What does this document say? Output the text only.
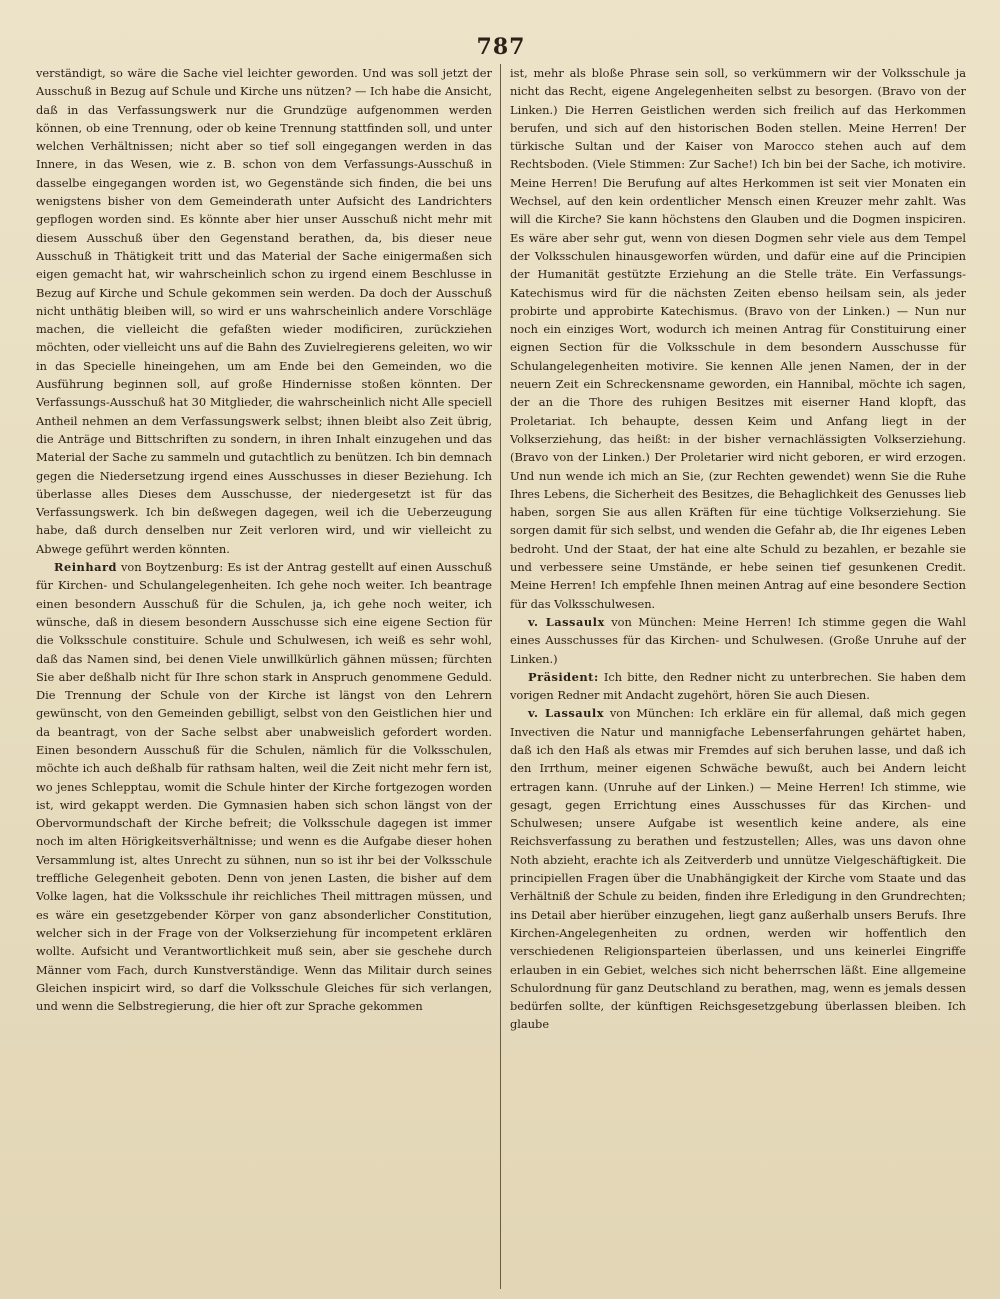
787

verständigt, so wäre die Sache viel leichter geworden. Und was soll jetzt der Ausschuß in Bezug auf Schule und Kirche uns nützen? — Ich habe die Ansicht, daß in das Verfassungswerk nur die Grundzüge aufgenommen werden können, ob eine Trennung, oder ob keine Trennung stattfinden soll, und unter welchen Verhältnissen; nicht aber so tief soll eingegangen werden in das Innere, in das Wesen, wie z. B. schon von dem Verfassungs-Ausschuß in dasselbe eingegangen worden ist, wo Gegenstände sich finden, die bei uns wenigstens bisher von dem Gemeinderath unter Aufsicht des Landrichters gepflogen worden sind. Es könnte aber hier unser Ausschuß nicht mehr mit diesem Ausschuß über den Gegenstand berathen, da, bis dieser neue Ausschuß in Thätigkeit tritt und das Material der Sache einigermaßen sich eigen gemacht hat, wir wahrscheinlich schon zu irgend einem Beschlusse in Bezug auf Kirche und Schule gekommen sein werden. Da doch der Ausschuß nicht unthätig bleiben will, so wird er uns wahrscheinlich andere Vorschläge machen, die vielleicht die gefaßten wieder modificiren, zurückziehen möchten, oder vielleicht uns auf die Bahn des Zuvielregierens geleiten, wo wir in das Specielle hineingehen, um am Ende bei den Gemeinden, wo die Ausführung beginnen soll, auf große Hindernisse stoßen könnten. Der Verfassungs-Ausschuß hat 30 Mitglieder, die wahrscheinlich nicht Alle speciell Antheil nehmen an dem Verfassungswerk selbst; ihnen bleibt also Zeit übrig, die Anträge und Bittschriften zu sondern, in ihren Inhalt einzugehen und das Material der Sache zu sammeln und gutachtlich zu benützen. Ich bin demnach gegen die Niedersetzung irgend eines Ausschusses in dieser Beziehung. Ich überlasse alles Dieses dem Ausschusse, der niedergesetzt ist für das Verfassungswerk. Ich bin deßwegen dagegen, weil ich die Ueberzeugung habe, daß durch denselben nur Zeit verloren wird, und wir vielleicht zu Abwege geführt werden könnten.

Reinhard von Boytzenburg: Es ist der Antrag gestellt auf einen Ausschuß für Kirchen- und Schulangelegenheiten. Ich gehe noch weiter. Ich beantrage einen besondern Ausschuß für die Schulen, ja, ich gehe noch weiter, ich wünsche, daß in diesem besondern Ausschusse sich eine eigene Section für die Volksschule constituire. Schule und Schulwesen, ich weiß es sehr wohl, daß das Namen sind, bei denen Viele unwillkürlich gähnen müssen; fürchten Sie aber deßhalb nicht für Ihre schon stark in Anspruch genommene Geduld. Die Trennung der Schule von der Kirche ist längst von den Lehrern gewünscht, von den Gemeinden gebilligt, selbst von den Geistlichen hier und da beantragt, von der Sache selbst aber unabweislich gefordert worden. Einen besondern Ausschuß für die Schulen, nämlich für die Volksschulen, möchte ich auch deßhalb für rathsam halten, weil die Zeit nicht mehr fern ist, wo jenes Schlepptau, womit die Schule hinter der Kirche fortgezogen worden ist, wird gekappt werden. Die Gymnasien haben sich schon längst von der Obervormundschaft der Kirche befreit; die Volksschule dagegen ist immer noch im alten Hörigkeitsverhältnisse; und wenn es die Aufgabe dieser hohen Versammlung ist, altes Unrecht zu sühnen, nun so ist ihr bei der Volksschule treffliche Gelegenheit geboten. Denn von jenen Lasten, die bisher auf dem Volke lagen, hat die Volksschule ihr reichliches Theil mittragen müssen, und es wäre ein gesetzgebender Körper von ganz absonderlicher Constitution, welcher sich in der Frage von der Volkserziehung für incompetent erklären wollte. Aufsicht und Verantwortlichkeit muß sein, aber sie geschehe durch Männer vom Fach, durch Kunstverständige. Wenn das Militair durch seines Gleichen inspicirt wird, so darf die Volksschule Gleiches für sich verlangen, und wenn die Selbstregierung, die hier oft zur Sprache gekommen

ist, mehr als bloße Phrase sein soll, so verkümmern wir der Volksschule ja nicht das Recht, eigene Angelegenheiten selbst zu besorgen. (Bravo von der Linken.) Die Herren Geistlichen werden sich freilich auf das Herkommen berufen, und sich auf den historischen Boden stellen. Meine Herren! Der türkische Sultan und der Kaiser von Marocco stehen auch auf dem Rechtsboden. (Viele Stimmen: Zur Sache!) Ich bin bei der Sache, ich motivire. Meine Herren! Die Berufung auf altes Herkommen ist seit vier Monaten ein Wechsel, auf den kein ordentlicher Mensch einen Kreuzer mehr zahlt. Was will die Kirche? Sie kann höchstens den Glauben und die Dogmen inspiciren. Es wäre aber sehr gut, wenn von diesen Dogmen sehr viele aus dem Tempel der Volksschulen hinausgeworfen würden, und dafür eine auf die Principien der Humanität gestützte Erziehung an die Stelle träte. Ein Verfassungs-Katechismus wird für die nächsten Zeiten ebenso heilsam sein, als jeder probirte und approbirte Katechismus. (Bravo von der Linken.) — Nun nur noch ein einziges Wort, wodurch ich meinen Antrag für Constituirung einer eignen Section für die Volksschule in dem besondern Ausschusse für Schulangelegenheiten motivire. Sie kennen Alle jenen Namen, der in der neuern Zeit ein Schreckensname geworden, ein Hannibal, möchte ich sagen, der an die Thore des ruhigen Besitzes mit eiserner Hand klopft, das Proletariat. Ich behaupte, dessen Keim und Anfang liegt in der Volkserziehung, das heißt: in der bisher vernachlässigten Volkserziehung. (Bravo von der Linken.) Der Proletarier wird nicht geboren, er wird erzogen. Und nun wende ich mich an Sie, (zur Rechten gewendet) wenn Sie die Ruhe Ihres Lebens, die Sicherheit des Besitzes, die Behaglichkeit des Genusses lieb haben, sorgen Sie aus allen Kräften für eine tüchtige Volkserziehung. Sie sorgen damit für sich selbst, und wenden die Gefahr ab, die Ihr eigenes Leben bedroht. Und der Staat, der hat eine alte Schuld zu bezahlen, er bezahle sie und verbessere seine Umstände, er hebe seinen tief gesunkenen Credit. Meine Herren! Ich empfehle Ihnen meinen Antrag auf eine besondere Section für das Volksschulwesen.

v. Lassaulx von München: Meine Herren! Ich stimme gegen die Wahl eines Ausschusses für das Kirchen- und Schulwesen. (Große Unruhe auf der Linken.)

Präsident: Ich bitte, den Redner nicht zu unterbrechen. Sie haben dem vorigen Redner mit Andacht zugehört, hören Sie auch Diesen.

v. Lassaulx von München: Ich erkläre ein für allemal, daß mich gegen Invectiven die Natur und mannigfache Lebenserfahrungen gehärtet haben, daß ich den Haß als etwas mir Fremdes auf sich beruhen lasse, und daß ich den Irrthum, meiner eigenen Schwäche bewußt, auch bei Andern leicht ertragen kann. (Unruhe auf der Linken.) — Meine Herren! Ich stimme, wie gesagt, gegen Errichtung eines Ausschusses für das Kirchen- und Schulwesen; unsere Aufgabe ist wesentlich keine andere, als eine Reichsverfassung zu berathen und festzustellen; Alles, was uns davon ohne Noth abzieht, erachte ich als Zeitverderb und unnütze Vielgeschäftigkeit. Die principiellen Fragen über die Unabhängigkeit der Kirche vom Staate und das Verhältniß der Schule zu beiden, finden ihre Erledigung in den Grundrechten; ins Detail aber hierüber einzugehen, liegt ganz außerhalb unsers Berufs. Ihre Kirchen-Angelegenheiten zu ordnen, werden wir hoffentlich den verschiedenen Religionsparteien überlassen, und uns keinerlei Eingriffe erlauben in ein Gebiet, welches sich nicht beherrschen läßt. Eine allgemeine Schulordnung für ganz Deutschland zu berathen, mag, wenn es jemals dessen bedürfen sollte, der künftigen Reichsgesetzgebung überlassen bleiben. Ich glaube
